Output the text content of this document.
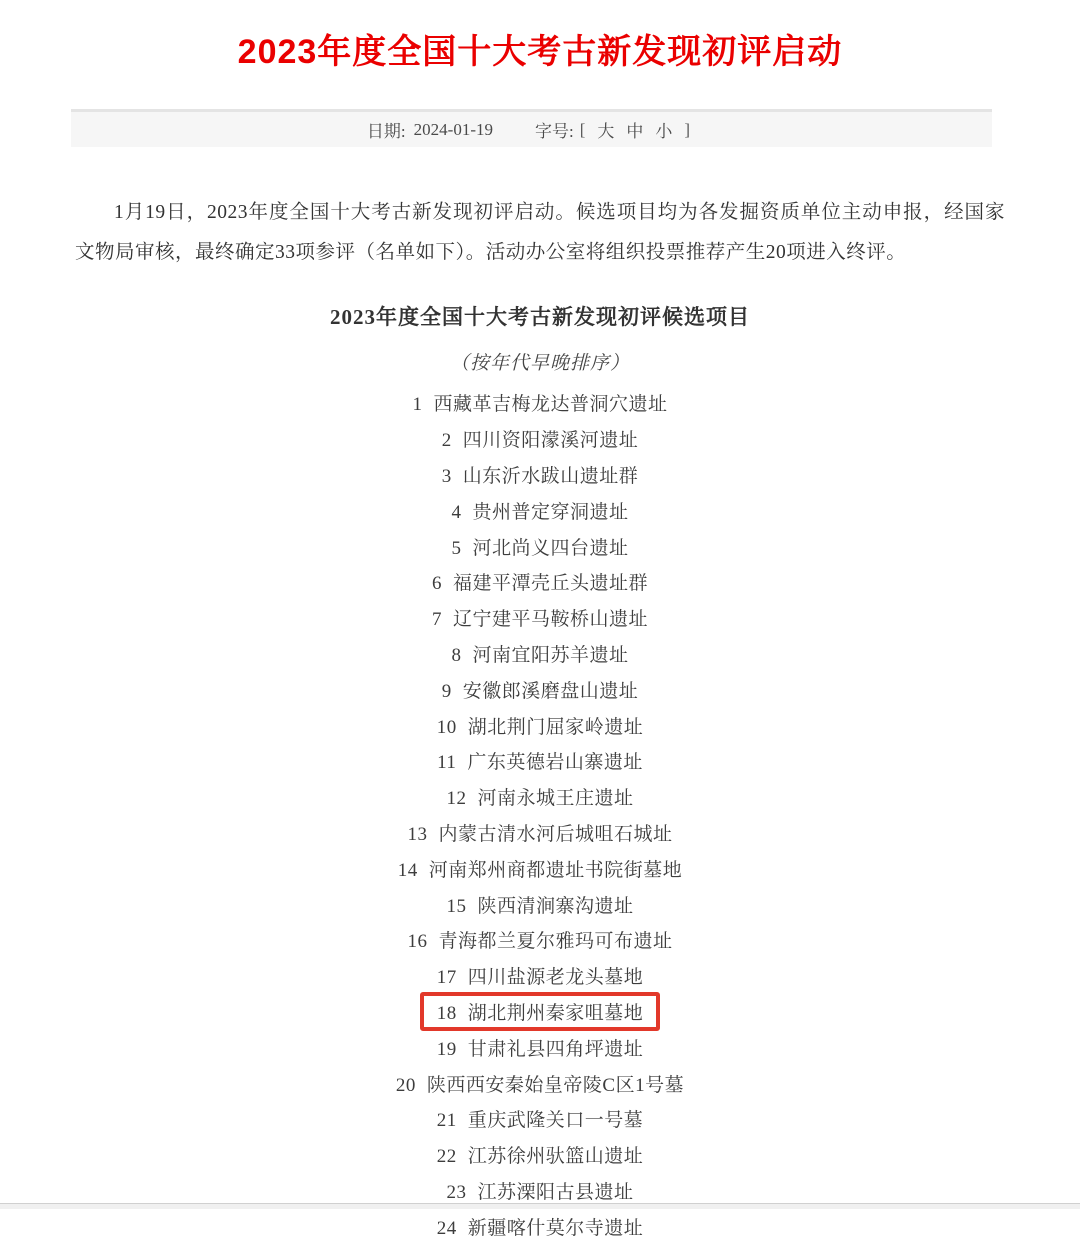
2023年度全国十大考古新发现初评启动
日期: 2024-01-19 字号: [ 大 中 小 ]

1月19日，2023年度全国十大考古新发现初评启动。候选项目均为各发掘资质单位主动申报，经国家文物局审核，最终确定33项参评（名单如下）。活动办公室将组织投票推荐产生20项进入终评。

2023年度全国十大考古新发现初评候选项目
（按年代早晚排序）
1 西藏革吉梅龙达普洞穴遗址
2 四川资阳濛溪河遗址
3 山东沂水跋山遗址群
4 贵州普定穿洞遗址
5 河北尚义四台遗址
6 福建平潭壳丘头遗址群
7 辽宁建平马鞍桥山遗址
8 河南宜阳苏羊遗址
9 安徽郎溪磨盘山遗址
10 湖北荆门屈家岭遗址
11 广东英德岩山寨遗址
12 河南永城王庄遗址
13 内蒙古清水河后城咀石城址
14 河南郑州商都遗址书院街墓地
15 陕西清涧寨沟遗址
16 青海都兰夏尔雅玛可布遗址
17 四川盐源老龙头墓地
18 湖北荆州秦家咀墓地
19 甘肃礼县四角坪遗址
20 陕西西安秦始皇帝陵C区1号墓
21 重庆武隆关口一号墓
22 江苏徐州驮篮山遗址
23 江苏溧阳古县遗址
24 新疆喀什莫尔寺遗址
